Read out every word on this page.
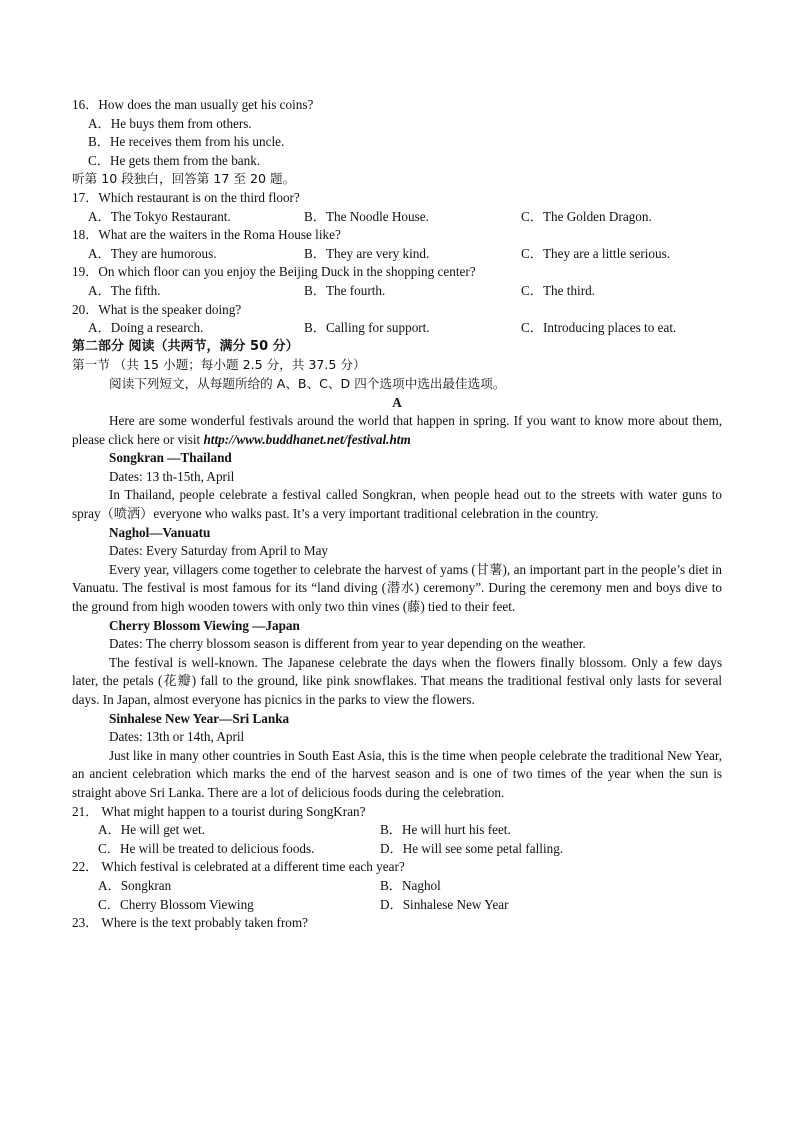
16．How does the man usually get his coins?
A．He buys them from others.
B．He receives them from his uncle.
C．He gets them from the bank.
听第 10 段独白，回答第 17 至 20 题。
17．Which restaurant is on the third floor?
A．The Tokyo Restaurant.	B．The Noodle House.	C．The Golden Dragon.
18．What are the waiters in the Roma House like?
A．They are humorous.	B．They are very kind.	C．They are a little serious.
19．On which floor can you enjoy the Beijing Duck in the shopping center?
A．The fifth.	B．The fourth.	C．The third.
20．What is the speaker doing?
A．Doing a research.	B．Calling for support.	C．Introducing places to eat.
第二部分 阅读（共两节，满分 50 分）
第一节 （共 15 小题；每小题 2.5 分，共 37.5 分）
阅读下列短文，从每题所给的 A、B、C、D 四个选项中选出最佳选项。
A
Here are some wonderful festivals around the world that happen in spring. If you want to know more about them, please click here or visit http://www.buddhanet.net/festival.htm
Songkran —Thailand
Dates: 13 th-15th, April
In Thailand, people celebrate a festival called Songkran, when people head out to the streets with water guns to spray（喷洒）everyone who walks past. It’s a very important traditional celebration in the country.
Naghol—Vanuatu
Dates: Every Saturday from April to May
Every year, villagers come together to celebrate the harvest of yams (甘薯), an important part in the people’s diet in Vanuatu. The festival is most famous for its “land diving (潜水) ceremony”. During the ceremony men and boys dive to the ground from high wooden towers with only two thin vines (藤) tied to their feet.
Cherry Blossom Viewing —Japan
Dates: The cherry blossom season is different from year to year depending on the weather.
The festival is well-known. The Japanese celebrate the days when the flowers finally blossom. Only a few days later, the petals (花瓣) fall to the ground, like pink snowflakes. That means the traditional festival only lasts for several days. In Japan, almost everyone has picnics in the parks to view the flowers.
Sinhalese New Year—Sri Lanka
Dates: 13th or 14th, April
Just like in many other countries in South East Asia, this is the time when people celebrate the traditional New Year, an ancient celebration which marks the end of the harvest season and is one of two times of the year when the sun is straight above Sri Lanka. There are a lot of delicious foods during the celebration.
21． What might happen to a tourist during SongKran?
A．He will get wet.	B．He will hurt his feet.
C．He will be treated to delicious foods.	D．He will see some petal falling.
22． Which festival is celebrated at a different time each year?
A．Songkran	B．Naghol
C．Cherry Blossom Viewing	D．Sinhalese New Year
23． Where is the text probably taken from?
